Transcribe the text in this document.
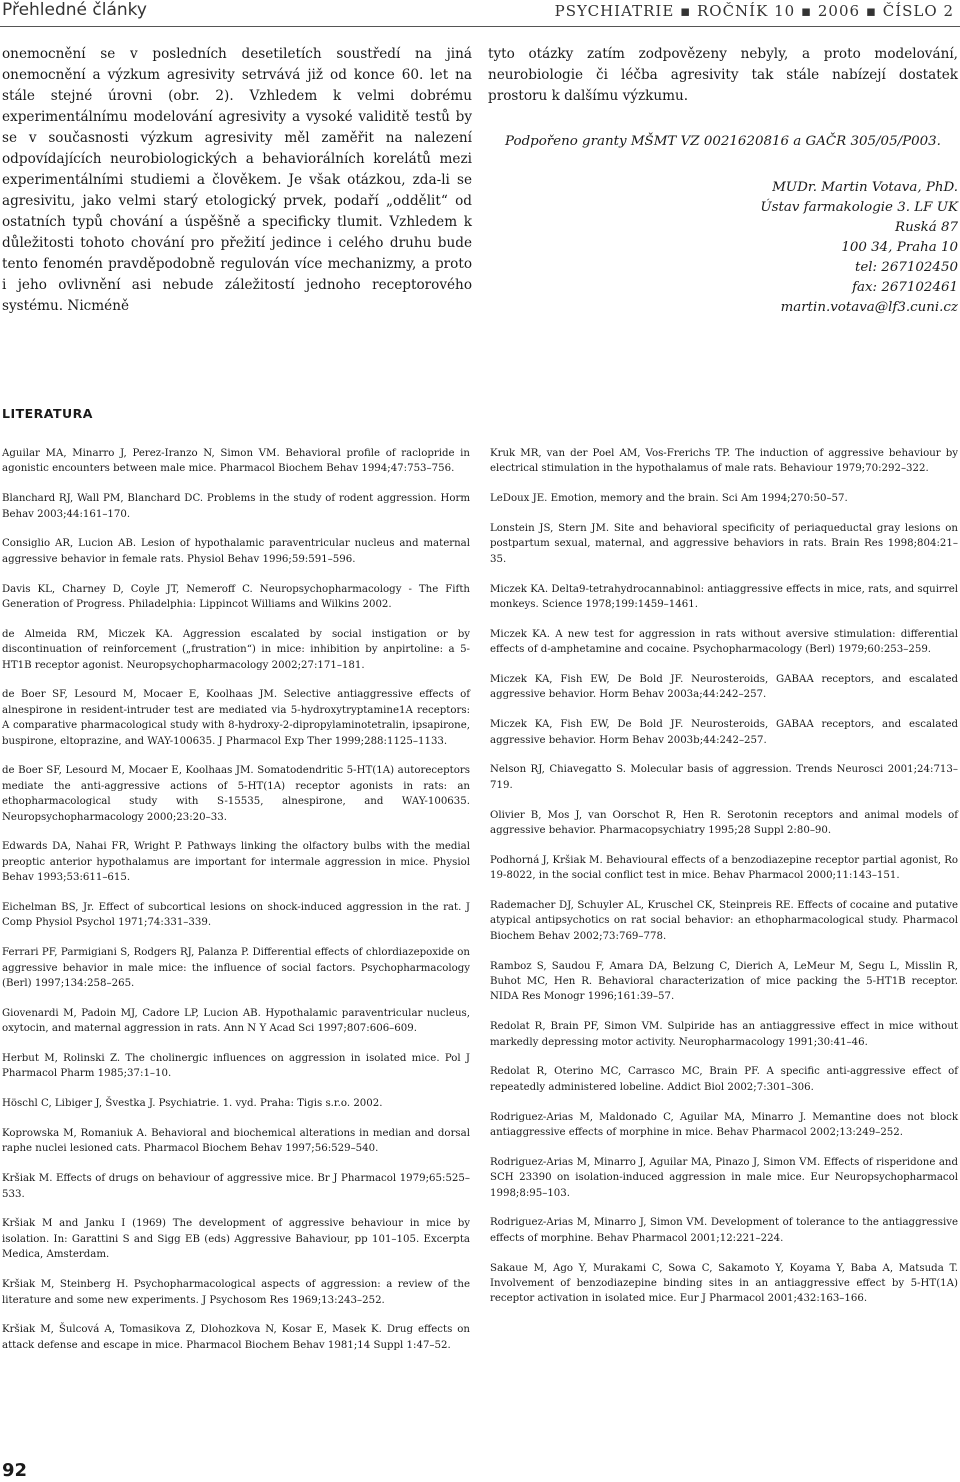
Přehledné články	PSYCHIATRIE ▪ ROČNÍK 10 ▪ 2006 ▪ ČÍSLO 2

onemocnění se v posledních desetiletích soustředí na jiná onemocnění a výzkum agresivity setrvává již od konce 60. let na stále stejné úrovni (obr. 2). Vzhledem k velmi dobrému experimentálnímu modelování agresivity a vysoké validitě testů by se v současnosti výzkum agresivity měl zaměřit na nalezení odpovídajících neurobiologických a behaviorálních korelátů mezi experimentálními studiemi a člověkem. Je však otázkou, zda-li se agresivitu, jako velmi starý etologický prvek, podaří „oddělit“ od ostatních typů chování a úspěšně a specificky tlumit. Vzhledem k důležitosti tohoto chování pro přežití jedince i celého druhu bude tento fenomén pravděpodobně regulován více mechanizmy, a proto i jeho ovlivnění asi nebude záležitostí jednoho receptorového systému. Nicméně

tyto otázky zatím zodpovězeny nebyly, a proto modelování, neurobiologie či léčba agresivity tak stále nabízejí dostatek prostoru k dalšímu výzkumu.

Podpořeno granty MŠMT VZ 0021620816 a GAČR 305/05/P003.

MUDr. Martin Votava, PhD.
Ústav farmakologie 3. LF UK
Ruská 87
100 34, Praha 10
tel: 267102450
fax: 267102461
martin.votava@lf3.cuni.cz
LITERATURA

Aguilar MA, Minarro J, Perez-Iranzo N, Simon VM. Behavioral profile of raclopride in agonistic encounters between male mice. Pharmacol Biochem Behav 1994;47:753–756.

Blanchard RJ, Wall PM, Blanchard DC. Problems in the study of rodent aggression. Horm Behav 2003;44:161–170.

Consiglio AR, Lucion AB. Lesion of hypothalamic paraventricular nucleus and maternal aggressive behavior in female rats. Physiol Behav 1996;59:591–596.

Davis KL, Charney D, Coyle JT, Nemeroff C. Neuropsychopharmacology - The Fifth Generation of Progress. Philadelphia: Lippincot Williams and Wilkins 2002.

de Almeida RM, Miczek KA. Aggression escalated by social instigation or by discontinuation of reinforcement („frustration“) in mice: inhibition by anpirtoline: a 5-HT1B receptor agonist. Neuropsychopharmacology 2002;27:171–181.

de Boer SF, Lesourd M, Mocaer E, Koolhaas JM. Selective antiaggressive effects of alnespirone in resident-intruder test are mediated via 5-hydroxytryptamine1A receptors: A comparative pharmacological study with 8-hydroxy-2-dipropylaminotetralin, ipsapirone, buspirone, eltoprazine, and WAY-100635. J Pharmacol Exp Ther 1999;288:1125–1133.

de Boer SF, Lesourd M, Mocaer E, Koolhaas JM. Somatodendritic 5-HT(1A) autoreceptors mediate the anti-aggressive actions of 5-HT(1A) receptor agonists in rats: an ethopharmacological study with S-15535, alnespirone, and WAY-100635. Neuropsychopharmacology 2000;23:20–33.

Edwards DA, Nahai FR, Wright P. Pathways linking the olfactory bulbs with the medial preoptic anterior hypothalamus are important for intermale aggression in mice. Physiol Behav 1993;53:611–615.

Eichelman BS, Jr. Effect of subcortical lesions on shock-induced aggression in the rat. J Comp Physiol Psychol 1971;74:331–339.

Ferrari PF, Parmigiani S, Rodgers RJ, Palanza P. Differential effects of chlordiazepoxide on aggressive behavior in male mice: the influence of social factors. Psychopharmacology (Berl) 1997;134:258–265.

Giovenardi M, Padoin MJ, Cadore LP, Lucion AB. Hypothalamic paraventricular nucleus, oxytocin, and maternal aggression in rats. Ann N Y Acad Sci 1997;807:606–609.

Herbut M, Rolinski Z. The cholinergic influences on aggression in isolated mice. Pol J Pharmacol Pharm 1985;37:1–10.

Höschl C, Libiger J, Švestka J. Psychiatrie. 1. vyd. Praha: Tigis s.r.o. 2002.

Koprowska M, Romaniuk A. Behavioral and biochemical alterations in median and dorsal raphe nuclei lesioned cats. Pharmacol Biochem Behav 1997;56:529–540.

Kršiak M. Effects of drugs on behaviour of aggressive mice. Br J Pharmacol 1979;65:525–533.

Kršiak M and Janku I (1969) The development of aggressive behaviour in mice by isolation. In: Garattini S and Sigg EB (eds) Aggressive Bahaviour, pp 101–105. Excerpta Medica, Amsterdam.

Kršiak M, Steinberg H. Psychopharmacological aspects of aggression: a review of the literature and some new experiments. J Psychosom Res 1969;13:243–252.

Kršiak M, Šulcová A, Tomasikova Z, Dlohozkova N, Kosar E, Masek K. Drug effects on attack defense and escape in mice. Pharmacol Biochem Behav 1981;14 Suppl 1:47–52.

Kruk MR, van der Poel AM, Vos-Frerichs TP. The induction of aggressive behaviour by electrical stimulation in the hypothalamus of male rats. Behaviour 1979;70:292–322.

LeDoux JE. Emotion, memory and the brain. Sci Am 1994;270:50–57.

Lonstein JS, Stern JM. Site and behavioral specificity of periaqueductal gray lesions on postpartum sexual, maternal, and aggressive behaviors in rats. Brain Res 1998;804:21–35.

Miczek KA. Delta9-tetrahydrocannabinol: antiaggressive effects in mice, rats, and squirrel monkeys. Science 1978;199:1459–1461.

Miczek KA. A new test for aggression in rats without aversive stimulation: differential effects of d-amphetamine and cocaine. Psychopharmacology (Berl) 1979;60:253–259.

Miczek KA, Fish EW, De Bold JF. Neurosteroids, GABAA receptors, and escalated aggressive behavior. Horm Behav 2003a;44:242–257.

Miczek KA, Fish EW, De Bold JF. Neurosteroids, GABAA receptors, and escalated aggressive behavior. Horm Behav 2003b;44:242–257.

Nelson RJ, Chiavegatto S. Molecular basis of aggression. Trends Neurosci 2001;24:713–719.

Olivier B, Mos J, van Oorschot R, Hen R. Serotonin receptors and animal models of aggressive behavior. Pharmacopsychiatry 1995;28 Suppl 2:80–90.

Podhorná J, Kršiak M. Behavioural effects of a benzodiazepine receptor partial agonist, Ro 19-8022, in the social conflict test in mice. Behav Pharmacol 2000;11:143–151.

Rademacher DJ, Schuyler AL, Kruschel CK, Steinpreis RE. Effects of cocaine and putative atypical antipsychotics on rat social behavior: an ethopharmacological study. Pharmacol Biochem Behav 2002;73:769–778.

Ramboz S, Saudou F, Amara DA, Belzung C, Dierich A, LeMeur M, Segu L, Misslin R, Buhot MC, Hen R. Behavioral characterization of mice packing the 5-HT1B receptor. NIDA Res Monogr 1996;161:39–57.

Redolat R, Brain PF, Simon VM. Sulpiride has an antiaggressive effect in mice without markedly depressing motor activity. Neuropharmacology 1991;30:41–46.

Redolat R, Oterino MC, Carrasco MC, Brain PF. A specific anti-aggressive effect of repeatedly administered lobeline. Addict Biol 2002;7:301–306.

Rodriguez-Arias M, Maldonado C, Aguilar MA, Minarro J. Memantine does not block antiaggressive effects of morphine in mice. Behav Pharmacol 2002;13:249–252.

Rodriguez-Arias M, Minarro J, Aguilar MA, Pinazo J, Simon VM. Effects of risperidone and SCH 23390 on isolation-induced aggression in male mice. Eur Neuropsychopharmacol 1998;8:95–103.

Rodriguez-Arias M, Minarro J, Simon VM. Development of tolerance to the antiaggressive effects of morphine. Behav Pharmacol 2001;12:221–224.

Sakaue M, Ago Y, Murakami C, Sowa C, Sakamoto Y, Koyama Y, Baba A, Matsuda T. Involvement of benzodiazepine binding sites in an antiaggressive effect by 5-HT(1A) receptor activation in isolated mice. Eur J Pharmacol 2001;432:163–166.

92
